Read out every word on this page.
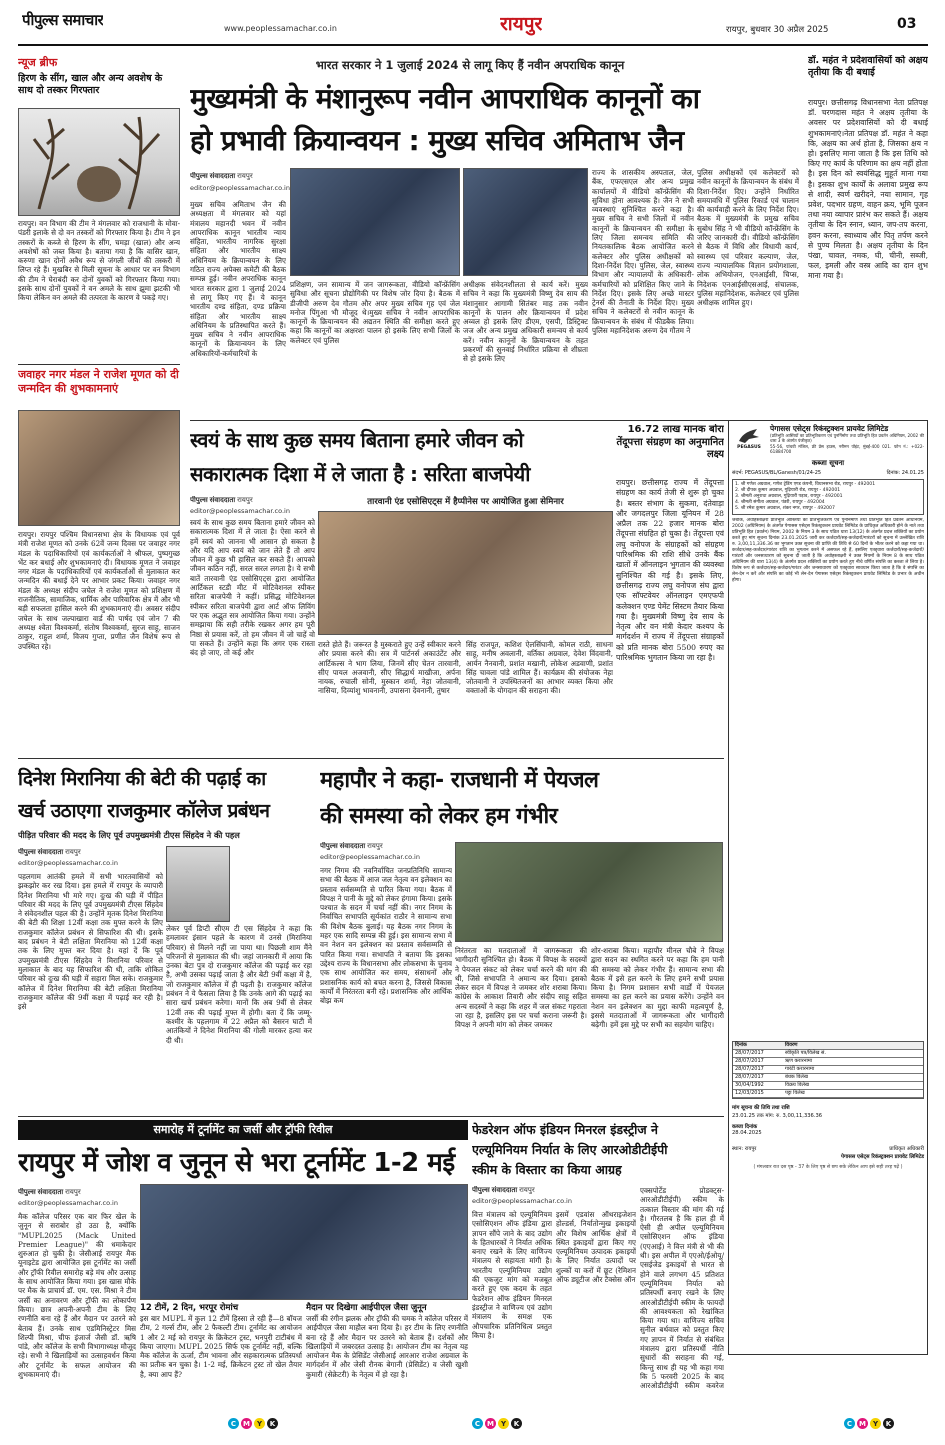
पीपुल्स समाचार	www.peoplessamachar.co.in	रायपुर	रायपुर, बुधवार 30 अप्रैल 2025	03
न्यूज ब्रीफ
हिरण के सींग, खाल और अन्य अवशेष के साथ दो तस्कर गिरफ्तार
रायपुर। वन विभाग की टीम ने मंगलवार को राजधानी के मोवा- पंडरी इलाके से दो वन तस्करों को गिरफ्तार किया है। टीम ने इन तस्करों के कब्जे से हिरण के सींग, चमड़ा (खाल) और अन्य अवशेषों को जब्त किया है। बताया गया है कि वासिर खान, करुणा खान दोनों अवैध रूप से जंगली जीवों की तस्करी में लिप्त रहे हैं। मुखबिर से मिली सूचना के आधार पर वन विभाग की टीम ने घेराबंदी कर दोनों युवकों को गिरफ्तार किया गया। इसके साथ दोनों युवकों ने वन अमले के साथ झूमा झटकी भी किया लेकिन वन अमले की तत्परता के कारण वे पकड़े गए।
जवाहर नगर मंडल ने राजेश मूणत को दी जन्मदिन की शुभकामनाएं
रायपुर। रायपुर पश्चिम विधानसभा क्षेत्र के विधायक एवं पूर्व मंत्री राजेश मूणत को उनके 62वें जन्म दिवस पर जवाहर नगर मंडल के पदाधिकारियों एवं कार्यकर्ताओं ने श्रीफल, पुष्पगुच्छ भेंट कर बधाई और शुभकामनाएं दी। विधायक मूणत ने जवाहर नगर मंडल के पदाधिकारियों एवं कार्यकर्ताओं से मुलाकात कर जन्मदिन की बधाई देने पर आभार प्रकट किया। जवाहर नगर मंडल के अध्यक्ष संदीप जघेल ने राजेश मूणत को प्रशिक्षण में राजनीतिक, सामाजिक, धार्मिक और पारिवारिक क्षेत्र में और भी बड़ी सफलता हासिल करने की शुभकामनाएं दी। अवसर संदीप जघेल के साथ जल्पाखारा वार्ड की पार्षद एवं जोन 7 की अध्यक्ष श्वेता विश्वकर्मा, संतोष विश्वकर्मा, सुरज साहू, साजन ठाकुर, राहुल शर्मा, विजय गुप्ता, प्रणीत जैन विशेष रूप से उपस्थित रहे।
भारत सरकार ने 1 जुलाई 2024 से लागू किए हैं नवीन अपराधिक कानून
मुख्यमंत्री के मंशानुरूप नवीन आपराधिक कानूनों का
हो प्रभावी क्रियान्वयन : मुख्य सचिव अमिताभ जैन
पीपुल्स संवाददाता रायपुर
editor@peoplessamachar.co.in
मुख्य सचिव अमिताभ जैन की अध्यक्षता में मंगलवार को यहां मंत्रालय महानदी भवन में नवीन आपराधिक कानून भारतीय न्याय संहिता, भारतीय नागरिक सुरक्षा संहिता और भारतीय साक्ष्य अधिनियम के क्रियान्वयन के लिए गठित राज्य अपेक्स कमेटी की बैठक सम्पन्न हुई। नवीन अपराधिक कानून भारत सरकार द्वारा 1 जुलाई 2024 से लागू किए गए हैं। ये कानून भारतीय दण्ड संहिता, दण्ड प्रक्रिया संहिता और भारतीय साक्ष्य अधिनियम के प्रतिस्थापित करते हैं। मुख्य सचिव ने नवीन आपराधिक कानूनों के क्रियान्वयन के लिए अधिकारियों-कर्मचारियों के
प्रशिक्षण, जन सामान्य में जन जागरूकता, वीडियो कॉन्फ्रेंसिंग सुविधा और सूचना प्रौद्योगिकी पर विशेष जोर दिया है। बैठक में डीजीपी अरुण देव गौतम और अपर मुख्य सचिव गृह एवं जेल मनोज पिंगुआ भी मौजूद थे।मुख्य सचिव ने नवीन आपराधिक कानूनों के क्रियान्वयन की अद्यतन स्थिति की समीक्षा करते हुए कहा कि कानूनों का अक्षरशः पालन हो इसके लिए सभी जिलों के कलेक्टर एवं पुलिस
अधीक्षक संवेदनशीलता से कार्य करें। मुख्य सचिव ने कहा कि मुख्यमंत्री विष्णु देव साय की मंशानुसार आगामी सितंबर माह तक नवीन कानूनों के पालन और क्रियान्वयन में प्रदेश अव्वल हो इसके लिए डीएम, एसपी, डिस्ट्रिक्ट जज और अन्य प्रमुख अधिकारी समन्वय से कार्य करें। नवीन कानूनों के क्रियान्वयन के तहत प्रकरणों की सुनवाई निर्धारित प्रक्रिया से शीघ्रता से हो इसके लिए
राज्य के शासकीय अस्पताल, जेल, बैंक, एफएसएल और अन्य प्रमुख कार्यालयों में वीडियो कॉन्फ्रेंसिंग की सुविधा होना आवश्यक है। जैन ने सभी व्यवस्थाएं सुनिश्चित करने कहा है। मुख्य सचिव ने सभी जिलों में नवीन कानूनों के क्रियान्वयन की समीक्षा के लिए जिला समन्वय समिति की नियतकालिक बैठक आयोजित करने कलेक्टर और पुलिस अधीक्षकों को दिशा-निर्देश दिए। पुलिस, जेल, स्वास्थ्य विभाग और न्यायालयों के अधिकारी-कर्मचारियों को प्रशिक्षित किए जाने के निर्देश दिए। इसके लिए अच्छे मास्टर ट्रेनर्स की तैनाती के निर्देश दिए। मुख्य सचिव ने कलेक्टरों से नवीन कानून के क्रियान्वयन के संबंध में फीडबैक लिया। पुलिस महानिदेशक अरुण देव गौतम ने
पुलिस अधीक्षकों एवं कलेक्टरों को नवीन कानूनों के क्रियान्वयन के संबंध में दिशा-निर्देश दिए। उन्होंने निर्धारित समयावधि में पुलिस रिकार्ड एवं चालान की कार्यवाही करने के लिए निर्देश दिए। बैठक में मुख्यमंत्री के प्रमुख सचिव सुबोध सिंह ने भी वीडियो कॉन्फ्रेंसिंग के जरिए जानकारी दी। वीडियो कॉन्फ्रेंसिंग से बैठक में विधि और विधायी कार्य, स्वास्थ्य एवं परिवार कल्याण, जेल, राज्य न्यायालयिक विज्ञान प्रयोगशाला, लोक अभियोजन, एनआईसी, चिप्स, निदेशक एनआईसीएसआई, संचालक, पुलिस महानिदेशक, कलेक्टर एवं पुलिस अधीक्षक शामिल हुए।
डॉ. महंत ने प्रदेशवासियों को अक्षय तृतीया कि दी बधाई
रायपुर। छत्तीसगढ़ विधानसभा नेता प्रतिपक्ष डॉ. चरणदास महंत ने अक्षय तृतीया के अवसर पर प्रदेशवासियों को दी बधाई शुभकामनाएं।नेता प्रतिपक्ष डॉ. महंत ने कहा कि, अक्षय का अर्थ होता है, जिसका क्षय न हो। इसलिए माना जाता है कि इस तिथि को किए गए कार्य के परिणाम का क्षय नहीं होता है। इस दिन को स्वयंसिद्ध मुहूर्त माना गया है। इसका शुभ कार्यों के अलावा प्रमुख रूप से शादी, स्वर्ण खरीदने, नया सामान, गृह प्रवेश, पदभार ग्रहण, वाहन क्रय, भूमि पूजन तथा नया व्यापार प्रारंभ कर सकते हैं। अक्षय तृतीया के दिन स्नान, ध्यान, जप-तप करना, हवन करना, स्वाध्याय और पितृ तर्पण करने से पुण्य मिलता है। अक्षय तृतीया के दिन पंखा, चावल, नमक, घी, चीनी, सब्जी, फल, इमली और वस्त्र आदि का दान शुभ माना गया है।
स्वयं के साथ कुछ समय बिताना हमारे जीवन को
सकारात्मक दिशा में ले जाता है : सरिता बाजपेयी
पीपुल्स संवाददाता रायपुर
editor@peoplessamachar.co.in
तारवानी एंड एसोसिएट्स में हैप्पीनेस पर आयोजित हुआ सेमिनार
स्वयं के साथ कुछ समय बिताना हमारे जीवन को सकारात्मक दिशा में ले जाता है। ऐसा करने से हमें स्वयं को जानना भी आसान हो सकता है और यदि आप स्वयं को जान लेते हैं तो आप जीवन में कुछ भी हासिल कर सकते हैं। आपको जीवन कठिन नहीं, सरल सरल लगता है। ये सभी बातें तारवानी एंड एसोसिएट्स द्वारा आयोजित आर्टिकल स्टडी मीट में मोटिवेशनल स्पीकर सरिता बाजपेयी ने कहीं। प्रसिद्ध मोटिवेशनल स्पीकर सरिता बाजपेयी द्वारा आर्ट ऑफ लिविंग पर एक अद्भुत सत्र आयोजित किया गया। उन्होंने समझाया कि सही तरीके रखकर अगर हम पूरी निष्ठा से प्रयास करें, तो हम जीवन में जो चाहें वो पा सकते हैं। उन्होंने कहा कि अगर एक रास्ता बंद हो जाए, तो कई और
रास्ते होते हैं। जरूरत है मुस्कराते हुए उन्हें स्वीकार करने और प्रयास करने की। सत्र में पार्टनर्स अकाउंटेंट और आर्टिकल्स ने भाग लिया, जिनमें सीए चेतन तारवानी, सीए पायल अजवानी, सीए सिद्धार्थ माखीजा, अर्पना नायक, रुचाली सोनी, मुस्कान शर्मा, नेहा जोतवानी, नासिया, दिव्यांशु भावनानी, उपासना देवनानी, तुषार
सिंह राजपूत, कशिश ऐलसिंघानी, कोमल राठी, साधना साहू, मनीष अवलानी, वर्तिका अग्रवाल, देवेश विंदवानी, आर्यन नैनवानी, प्रशांत मखानी, लोकेश अडवाणी, प्रशांत सिंह चावला पांडे शामिल हैं। कार्यक्रम की संयोजक नेहा जोतवानी ने उपस्थितजनों का आभार व्यक्त किया और वक्ताओं के योगदान की सराहना की।
16.72 लाख मानक बोरा तेंदूपत्ता संग्रहण का अनुमानित लक्ष्य
रायपुर। छत्तीसगढ़ राज्य में तेंदूपत्ता संग्रहण का कार्य तेजी से शुरू हो चुका है। बस्तर संभाग के सुकमा, दंतेवाड़ा और जगदलपुर जिला यूनियन में 28 अप्रैल तक 22 हजार मानक बोरा तेंदूपत्ता संग्रहित हो चुका है। तेंदूपत्ता एवं लघु वनोपज के संग्राहकों को संग्रहण पारिश्रमिक की राशि सीधे उनके बैंक खातों में ऑनलाइन भुगतान की व्यवस्था सुनिश्चित की गई है। इसके लिए, छत्तीसगढ़ राज्य लघु वनोपज संघ द्वारा एक सॉफ्टवेयर ऑनलाइन एमएफपी कलेक्शन एण्ड पेमेंट सिस्टम तैयार किया गया है। मुख्यमंत्री विष्णु देव साय के नेतृत्व और वन मंत्री केदार कश्यप के मार्गदर्शन में राज्य में तेंदूपत्ता संग्राहकों को प्रति मानक बोरा 5500 रुपए का पारिश्रमिक भुगतान किया जा रहा है।
PEGASUS
पेगासस एसेट्स रिकंस्ट्रक्शन प्रायवेट लिमिटेड
(प्रतिभूति आस्तियों का प्रतिभूतिकरण एवं पुनर्निर्माण तथा प्रतिभूति हित प्रवर्तन अधिनियम, 2002 की धारा 3 के अंतर्गत पंजीकृत)
55-56, पांचवी मंजिल, फ्री प्रेस हाउस, नरीमन पॉइंट, मुंबई-400 021. फोन नं.: +022-61884700
कब्जा सूचना
संदर्भ: PEGASUS/BL/Ganesh/01/24-25	दिनांक: 24.01.25
1. श्री गणेश अग्रवाल, गणेश ट्रेडिंग एण्ड कंपनी, विधानसभा रोड, रायपुर - 492001
2. श्री दीपक कुमार अग्रवाल, गुढ़ियारी रोड, रायपुर - 492001
3. श्रीमती अनुराधा अग्रवाल, गुढ़ियारी पड़ाव, रायपुर - 492001
4. श्रीमती संगीता अग्रवाल, पंडरी, रायपुर - 492004
5. श्री रमेश कुमार अग्रवाल, शंकर नगर, रायपुर - 492007
जबकि, अधोहस्ताक्षरी प्रतिभूति आस्तियों का प्रतिभूतिकरण एवं पुनर्निर्माण तथा प्रतिभूति हित प्रवर्तन अधिनियम, 2002 (अधिनियम) के अंतर्गत पेगासस एसेट्स रिकंस्ट्रक्शन प्रायवेट लिमिटेड के प्राधिकृत अधिकारी होने के नाते तथा प्रतिभूति हित (प्रवर्तन) नियम, 2002 के नियम 3 के साथ पठित धारा 13(12) के अंतर्गत प्रदत्त शक्तियों का प्रयोग करते हुए मांग सूचना दिनांक 23.01.2025 जारी कर कर्जदारों/सह-कर्जदारों/गारंटरों को सूचना में उल्लेखित राशि रु. 3,00,11,336.36 का भुगतान उक्त सूचना की प्राप्ति की तिथि से 60 दिनों के भीतर करने को कहा गया था। कर्जदार/सह-कर्जदार/गारंटर राशि का भुगतान करने में असफल रहे हैं, इसलिए एतद्द्वारा कर्जदारों/सह-कर्जदारों/गारंटरों और जनसाधारण को सूचना दी जाती है कि अधोहस्ताक्षरी ने उक्त नियमों के नियम 8 के साथ पठित अधिनियम की धारा 13(4) के अंतर्गत प्रदत्त शक्तियों का प्रयोग करते हुए नीचे वर्णित संपत्ति का कब्जा ले लिया है। विशेष रूप से कर्जदार/सह-कर्जदार/गारंटर और जनसाधारण को एतद्द्वारा सावधान किया जाता है कि वे संपत्ति का लेन-देन न करें और संपत्ति का कोई भी लेन-देन पेगासस एसेट्स रिकंस्ट्रक्शन प्रायवेट लिमिटेड के प्रभार के अधीन होगा।
दिनांक	विवरण
28/07/2017	स्वीकृति पत्र/विलेख सं.
28/07/2017	ऋण करारनामा
28/07/2017	गारंटी करारनामा
28/07/2017	बंधक विलेख
30/04/1992	विक्रय विलेख
12/03/2015	पट्टा विलेख
मांग सूचना की तिथि तथा राशि
23.01.25 तक मांग: रु. 3,00,11,336.36
कब्जा दिनांक
28.04.2025
स्थान: रायपुर	प्राधिकृत अधिकारी
पेगासस एसेट्स रिकंस्ट्रक्शन प्रायवेट लिमिटेड
( मंगलवार रात दस पृष्ठ - 37 के लिए पृष्ठ से छप सके लेकिन आप इसे सही तरह पढ़ें )
दिनेश मिरानिया की बेटी की पढ़ाई का
खर्च उठाएगा राजकुमार कॉलेज प्रबंधन
पीड़ित परिवार की मदद के लिए पूर्व उपमुख्यमंत्री टीएस सिंहदेव ने की पहल
पीपुल्स संवाददाता रायपुर
editor@peoplessamachar.co.in
पहलगाम आतंकी हमले में सभी भारतवासियों को झकझोर कर रख दिया। इस हमले में रायपुर के व्यापारी दिनेश मिरानिया भी मारे गए। दुःख की घड़ी में पीड़ित परिवार की मदद के लिए पूर्व उपमुख्यमंत्री टीएस सिंहदेव ने संवेदनशील पहल की है। उन्होंने मृतक दिनेश मिरानिया की बेटी की शिक्षा 12वीं कक्षा तक मुफ्त करने के लिए राजकुमार कॉलेज प्रबंधन से सिफारिश की थी। इसके बाद प्रबंधन ने बेटी लक्षिता मिरानिया को 12वीं कक्षा तक के लिए मुफ्त कर दिया है। यहां दें कि पूर्व उपमुख्यमंत्री टीएस सिंहदेव ने मिरानिया परिवार से मुलाकात के बाद यह सिफारिश की थी, ताकि शोकित परिवार को दुःख की घड़ी में सहारा मिल सके। राजकुमार कॉलेज में दिनेश मिरानिया की बेटी लक्षिता मिरानिया राजकुमार कॉलेज की 9वीं कक्षा में पढ़ाई कर रही है। इसे
लेकर पूर्व डिप्टी सीएम टी एस सिंहदेव ने कहा कि हमलावर इंसान पहले के कारण में उनसे (मिरानिया परिवार) से मिलने नहीं जा पाया था। पिछली शाम मैंने परिजनों से मुलाकात की थी। जहां जानकारी में आया कि उनका बेटा पुत्र दो राजकुमार कॉलेज की पढ़ाई कर रहा है, अभी उसका पढ़ाई जाता है और बेटी 9वीं कक्षा में है, जो राजकुमार कॉलेज में ही पढ़ती है। राजकुमार कॉलेज प्रबंधन ने ये फैसला लिया है कि उनके आगे की पढ़ाई का सारा खर्च प्रबंधन करेगा। मानों कि अब 9वीं से लेकर 12वीं तक की पढ़ाई मुफ्त में होगी। बता दें कि जम्मू-कश्मीर के पहलगाम में 22 अप्रैल को बैसरन घाटी में आतंकियों ने दिनेश मिरानिया की गोली मारकर हत्या कर दी थी।
महापौर ने कहा- राजधानी में पेयजल
की समस्या को लेकर हम गंभीर
पीपुल्स संवाददाता रायपुर
editor@peoplessamachar.co.in
नगर निगम की नवनिर्वाचित जनप्रतिनिधि सामान्य सभा की बैठक में आज जल नेतृत्व वन इलेक्शन का प्रस्ताव सर्वसम्मति से पारित किया गया। बैठक में विपक्ष ने पानी के मुद्दे को लेकर हंगामा किया। इसके पश्चात के सदन में चर्चा नहीं की। नगर निगम के निर्वाचित सभापति सूर्यकांत राठौर ने सामान्य सभा की विशेष बैठक बुलाई। यह बैठक नगर निगम के महर एक सादि सम्पन्न की हुई। इस सामान्य सभा में वन नेशन वन इलेक्शन का प्रस्ताव सर्वसम्मति से पारित किया गया। सभापति ने बताया कि इसका उद्देश्य राज्य के विधानसभा और लोकसभा के चुनाव एक साथ आयोजित कर समय, संसाधनों और प्रशासनिक कार्य को बचत करना है, जिससे विकास कार्यों में निरंतरता बनी रहे। प्रशासनिक और आर्थिक बोझ कम
निरंतरता का मतदाताओं में जागरूकता की भागीदारी सुनिश्चित हो। बैठक में विपक्ष के सदस्यों ने पेयजल संकट को लेकर चर्चा करने की मांग की थी, जिसे सभापति ने अमान्य कर दिया। इसको लेकर सदन में विपक्ष ने जमकर शोर शराबा किया। कांग्रेस के आकाश तिवारी और संदीप साहू सहित अन्य सदस्यों ने कहा कि शहर में जल संकट गहराता जा रहा है, इसलिए इस पर चर्चा कराना जरूरी है। विपक्ष ने अपनी मांग को लेकर जमकर
शोर-शराबा किया। महापौर मीनल चौबे ने विपक्ष द्वारा सदन का स्थगित करने पर कहा कि हम पानी की समस्या को लेकर गंभीर हैं। सामान्य सभा की बैठक में इसे हल करने के लिए हमने सभी प्रयास किया है। निगम प्रशासन सभी वार्डों में पेयजल समस्या का हल करने का प्रयास करेंगे। उन्होंने वन नेशन वन इलेक्शन का मुद्दा काफी महत्वपूर्ण है, इससे मतदाताओं में जागरूकता और भागीदारी बढ़ेगी। हमें इस मुद्दे पर सभी का सहयोग चाहिए।
समारोह में टूर्नामेंट का जर्सी और ट्रॉफी रिवील
रायपुर में जोश व जुनून से भरा टूर्नामेंट 1-2 मई
पीपुल्स संवाददाता रायपुर
editor@peoplessamachar.co.in
मैक कॉलेज परिसर एक बार फिर खेल के जुनून से सराबोर हो उठा है, क्योंकि "MUPL2025 (Mack United Premier League)" की धमाकेदार शुरुआत हो चुकी है। जेसीआई रायपुर मैक यूनाइटेड द्वारा आयोजित इस टूर्नामेंट का जर्सी और ट्रॉफी रिवील समारोह बड़े मंच और उत्साह के साथ आयोजित किया गया। इस खास मौके पर मैक के प्राचार्य डॉ. एम. एस. मिश्रा ने टीम जर्सी का अनावरण और ट्रॉफी का लोकार्पण किया। छात्र अपनी-अपनी टीम के लिए रणनीति बना रहे हैं और मैदान पर उतरने को बेताब हैं। उनके साथ एडमिनिस्ट्रेटर मिस शिल्पी मिश्रा, चीफ इंजार्ज जैसी डॉ. ऋषि पांडे, और कॉलेज के सभी विभागाध्यक्ष मौजूद रहे। सभी ने खिलाड़ियों का उत्साहवर्धन किया और टूर्नामेंट के सफल आयोजन की शुभकामनाएं दी।
12 टीमें, 2 दिन, भरपूर रोमांच
इस बार MUPL में कुल 12 टीमें हिस्सा ले रही हैं—8 बॉयज टीम, 2 गर्ल्स टीम, और 2 फैकल्टी टीम। टूर्नामेंट का आयोजन 1 और 2 मई को रायपुर के क्रिकेटन ट्रस्ट, भनपुरी टाटीबंध में किया जाएगा। MUPL 2025 सिर्फ एक टूर्नामेंट नहीं, बल्कि मैक कॉलेज के ऊर्जा, टीम भावना और सहकारात्मक प्रतिस्पर्धा का प्रतीक बन चुका है। 1-2 मई, क्रिकेटन ट्रस्ट तो खेल तैयार है, क्या आप हैं?
मैदान पर दिखेगा आईपीएल जैसा जुनून
जर्सी की रंगीन झलक और ट्रॉफी की चमक ने कॉलेज परिसर में आईपीएल जैसा माहौल बना दिया है। हर टीम के लिए रणनीति बना रहे हैं और मैदान पर उतरने को बेताब हैं। दर्शकों और खिलाड़ियों में जबरदस्त उत्साह है। आयोजन टीम का नेतृत्व यह आयोजन मैक के प्रेसिडेंट जेसीआई आरआर राजेश अग्रवाल के मार्गदर्शन में और जेसी रौनक बेगानी (प्रेसिडेंट) व जेसी खुशी कुमारी (सेक्रेटरी) के नेतृत्व में हो रहा है।
फेडरेशन ऑफ इंडियन मिनरल इंडस्ट्रीज ने
एल्यूमिनियम निर्यात के लिए आरओडीटीईपी
स्कीम के विस्तार का किया आग्रह
पीपुल्स संवाददाता रायपुर
editor@peoplessamachar.co.in
वित्त मंत्रालय को एल्यूमिनियम एसोसिएशन ऑफ इंडिया द्वारा ज्ञापन सौंपे जाने के बाद उद्योग के हितधारकों ने निर्यात अधिक बनाए रखने के लिए वाणिज्य मंत्रालय से सहायता मांगी है। भारतीय एल्यूमिनियम उद्योग की एकजुट मांग को मजबूत करते हुए एक कदम के तहत फेडरेशन ऑफ इंडियन मिनरल इंडस्ट्रीज ने वाणिज्य एवं उद्योग मंत्रालय के समक्ष एक औपचारिक प्रतिनिधित्व प्रस्तुत किया है।
इसमें एडवांस ऑथराइजेशन होल्डर्स, निर्यातोन्मुख इकाइयों और विशेष आर्थिक क्षेत्रों में स्थित इकाइयों द्वारा किए गए एल्यूमिनियम उत्पादक इकाइयों के लिए निर्यात उत्पादों पर शुल्कों या करों में छूट (रेमिशन ऑफ ड्यूटीज और टैक्सेस ऑन
एक्सपोर्टेड प्रोडक्ट्स-आरओडीटीईपी) स्कीम के तत्काल विस्तार की मांग की गई है। गौरतलब है कि हाल ही में ऐसी ही अपील एल्यूमिनियम एसोसिएशन ऑफ इंडिया (एएआई) ने वित्त मंत्री से भी की थी। इस अपील में एएओ/ईओयू/एसईजेड इकाइयों से भारत से होने वाले लगभग 45 प्रतिशत एल्यूमिनियम निर्यात को प्रतिस्पर्धी बनाए रखने के लिए आरओडीटीईपी स्कीम के फायदों की आवश्यकता को रेखांकित किया गया था। वाणिज्य सचिव सुनील बर्थवाल को प्रस्तुत किए गए ज्ञापन में निर्यात से संबंधित मंत्रालय द्वारा प्रतिस्पर्धी नीति सुधारों की सराहना की गई, किन्तु साथ ही यह भी कहा गया कि 5 फरवरी 2025 के बाद आरओडीटीईपी स्कीम कवरेज
C M Y	K	C M Y	K	C M Y	K
